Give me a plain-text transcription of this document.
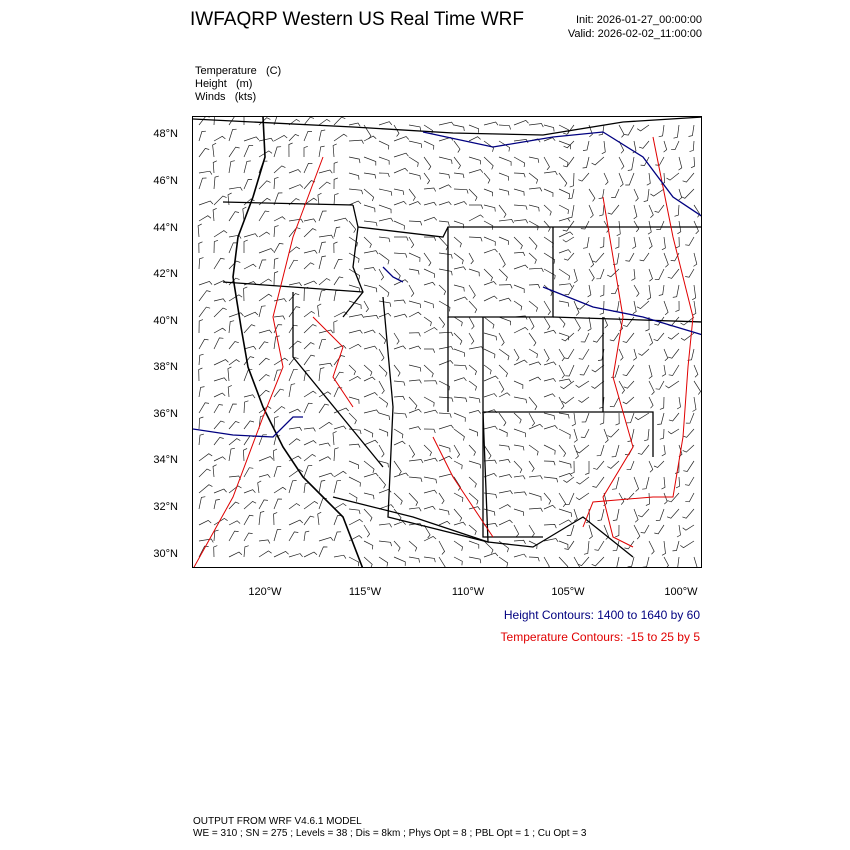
IWFAQRP Western US Real Time WRF	Init: 2026-01-27_00:00:00
Valid: 2026-02-02_11:00:00
Temperature (C)
Height (m)
Winds (kts)
48°N
46°N
44°N
42°N
40°N
38°N
36°N
34°N
32°N
30°N
120°W	115°W	110°W	105°W	100°W
Height Contours: 1400 to 1640 by 60
Temperature Contours: -15 to 25 by 5
OUTPUT FROM WRF V4.6.1 MODEL
WE = 310 ; SN = 275 ; Levels = 38 ; Dis = 8km ; Phys Opt = 8 ; PBL Opt = 1 ; Cu Opt = 3
